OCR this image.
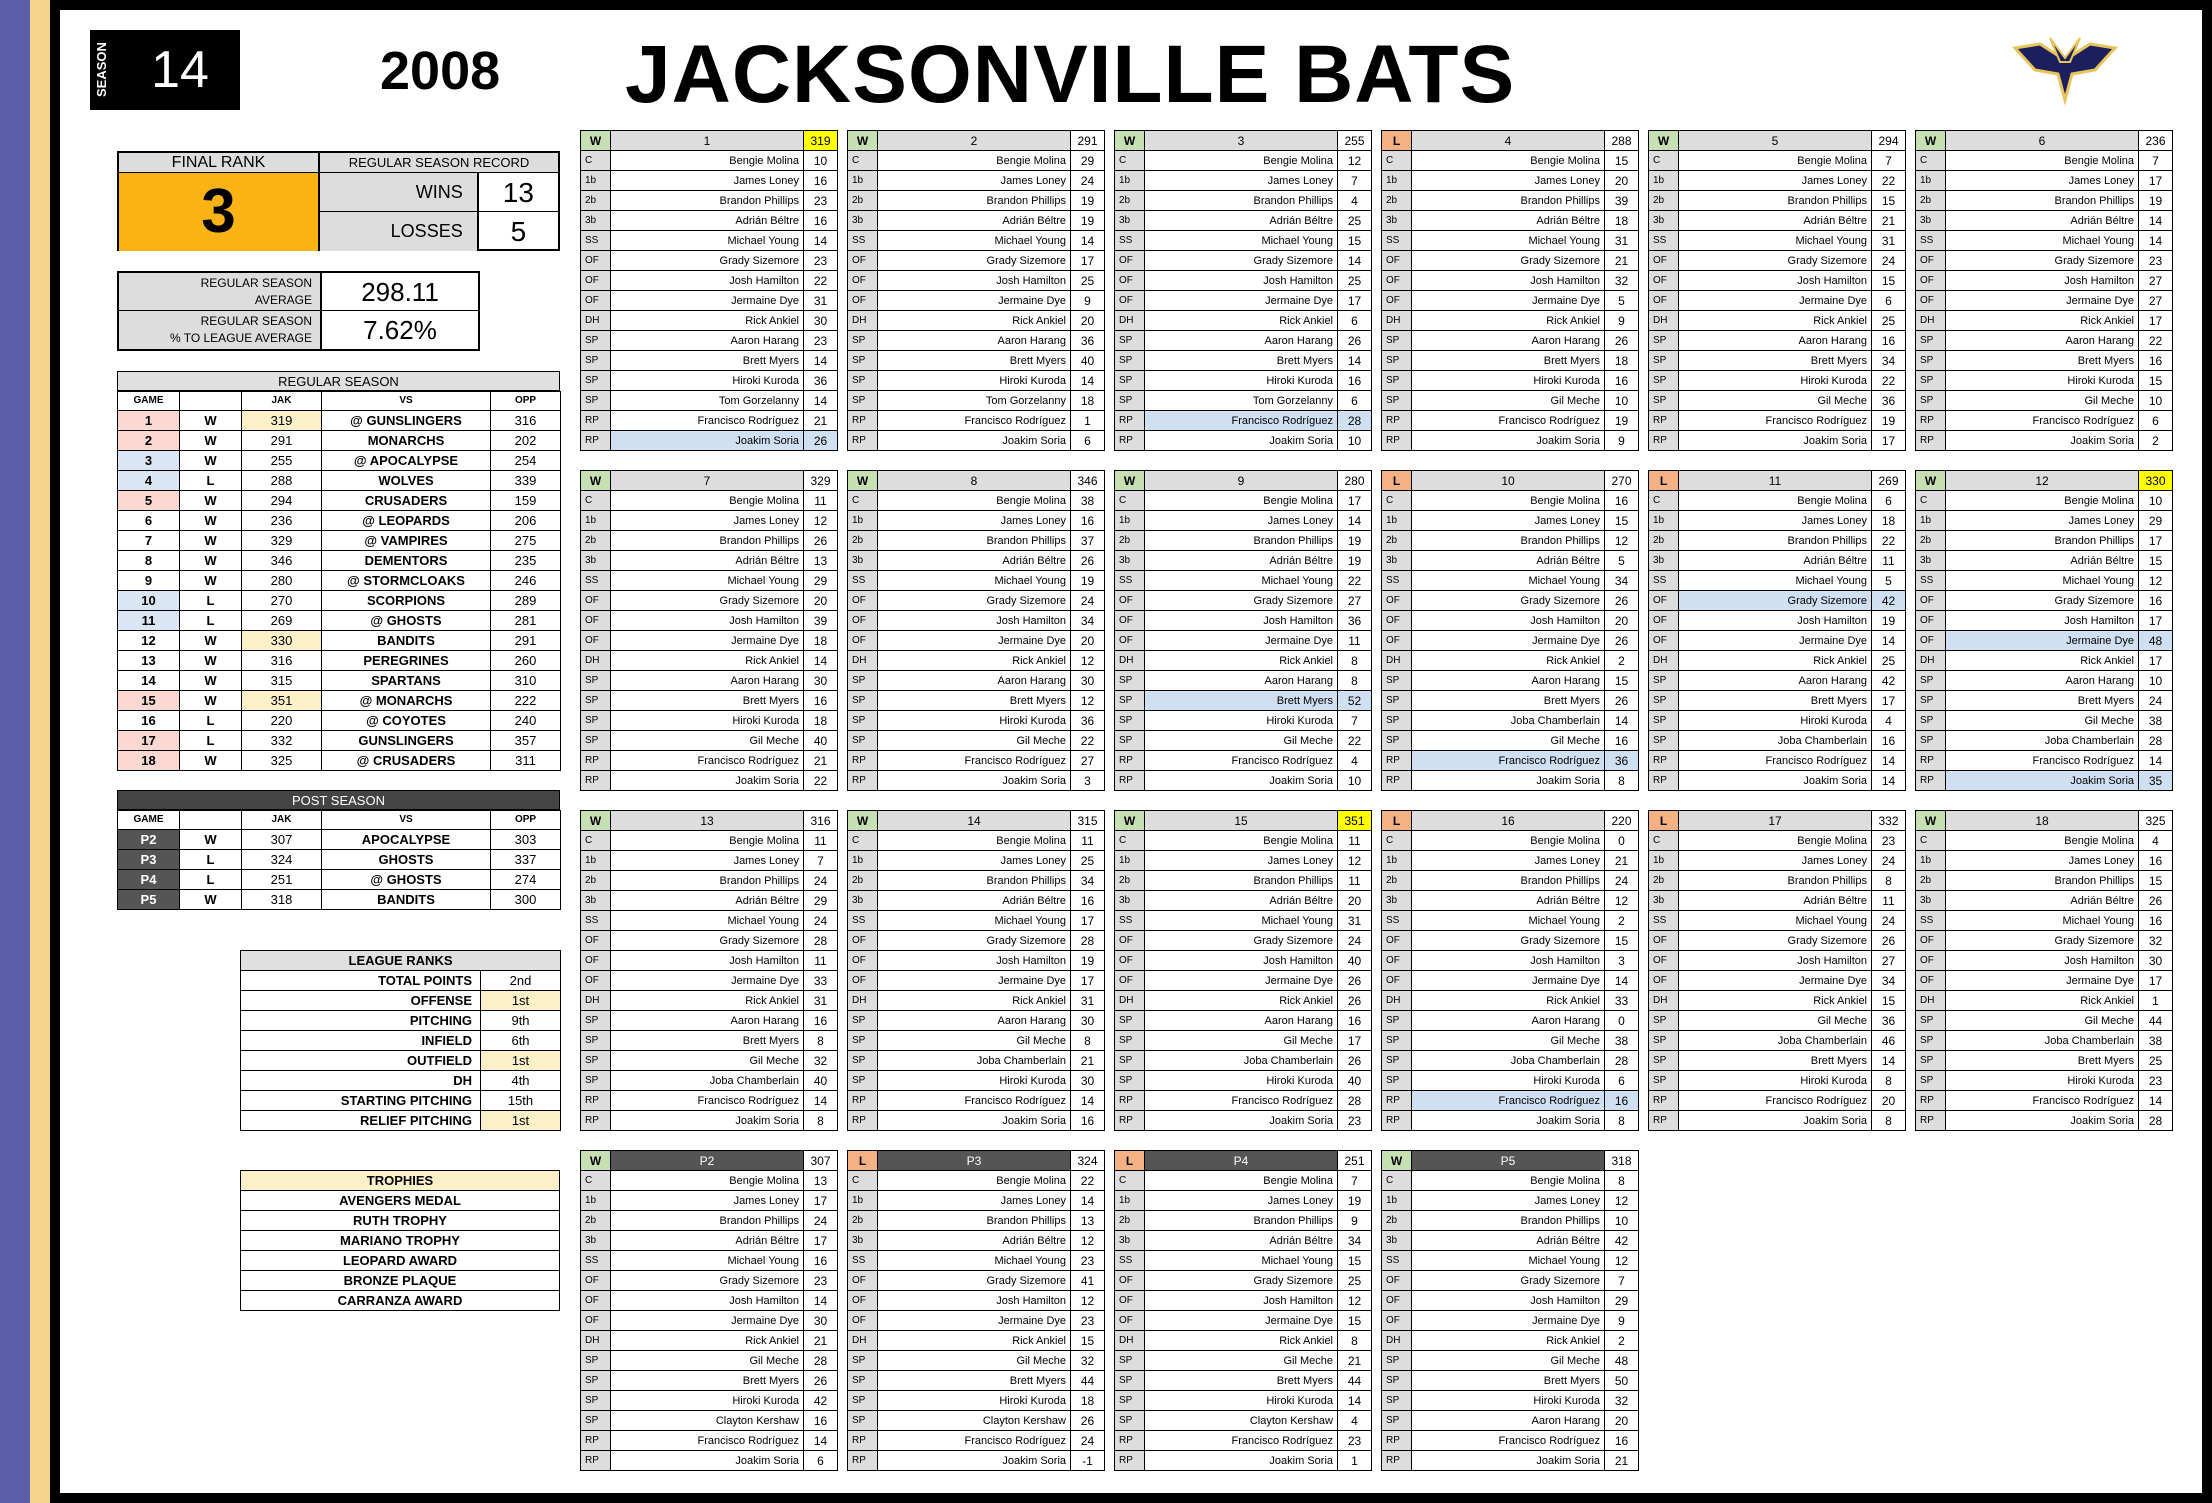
SEASON 14	2008 JACKSONVILLE BATS
FINAL RANK
3
REGULAR SEASON RECORD
WINS	13
LOSSES	5
REGULAR SEASON
AVERAGE	298.11
REGULAR SEASON
% TO LEAGUE AVERAGE	7.62%
REGULAR SEASON
GAME		JAK	VS	OPP
1	W	319	@ GUNSLINGERS	316
2	W	291	MONARCHS	202
3	W	255	@ APOCALYPSE	254
4	L	288	WOLVES	339
5	W	294	CRUSADERS	159
6	W	236	@ LEOPARDS	206
7	W	329	@ VAMPIRES	275
8	W	346	DEMENTORS	235
9	W	280	@ STORMCLOAKS	246
10	L	270	SCORPIONS	289
11	L	269	@ GHOSTS	281
12	W	330	BANDITS	291
13	W	316	PEREGRINES	260
14	W	315	SPARTANS	310
15	W	351	@ MONARCHS	222
16	L	220	@ COYOTES	240
17	L	332	GUNSLINGERS	357
18	W	325	@ CRUSADERS	311
POST SEASON
GAME		JAK	VS	OPP
P2	W	307	APOCALYPSE	303
P3	L	324	GHOSTS	337
P4	L	251	@ GHOSTS	274
P5	W	318	BANDITS	300
LEAGUE RANKS	
TOTAL POINTS	2nd
OFFENSE	1st
PITCHING	9th
INFIELD	6th
OUTFIELD	1st
DH	4th
STARTING PITCHING	15th
RELIEF PITCHING	1st
TROPHIES
AVENGERS MEDAL
RUTH TROPHY
MARIANO TROPHY
LEOPARD AWARD
BRONZE PLAQUE
CARRANZA AWARD
W	1	319
C	Bengie Molina	10
1b	James Loney	16
2b	Brandon Phillips	23
3b	Adrián Béltre	16
SS	Michael Young	14
OF	Grady Sizemore	23
OF	Josh Hamilton	22
OF	Jermaine Dye	31
DH	Rick Ankiel	30
SP	Aaron Harang	23
SP	Brett Myers	14
SP	Hiroki Kuroda	36
SP	Tom Gorzelanny	14
RP	Francisco Rodríguez	21
RP	Joakim Soria	26
W	2	291
C	Bengie Molina	29
1b	James Loney	24
2b	Brandon Phillips	19
3b	Adrián Béltre	19
SS	Michael Young	14
OF	Grady Sizemore	17
OF	Josh Hamilton	25
OF	Jermaine Dye	9
DH	Rick Ankiel	20
SP	Aaron Harang	36
SP	Brett Myers	40
SP	Hiroki Kuroda	14
SP	Tom Gorzelanny	18
RP	Francisco Rodríguez	1
RP	Joakim Soria	6
W	3	255
C	Bengie Molina	12
1b	James Loney	7
2b	Brandon Phillips	4
3b	Adrián Béltre	25
SS	Michael Young	15
OF	Grady Sizemore	14
OF	Josh Hamilton	25
OF	Jermaine Dye	17
DH	Rick Ankiel	6
SP	Aaron Harang	26
SP	Brett Myers	14
SP	Hiroki Kuroda	16
SP	Tom Gorzelanny	6
RP	Francisco Rodríguez	28
RP	Joakim Soria	10
L	4	288
C	Bengie Molina	15
1b	James Loney	20
2b	Brandon Phillips	39
3b	Adrián Béltre	18
SS	Michael Young	31
OF	Grady Sizemore	21
OF	Josh Hamilton	32
OF	Jermaine Dye	5
DH	Rick Ankiel	9
SP	Aaron Harang	26
SP	Brett Myers	18
SP	Hiroki Kuroda	16
SP	Gil Meche	10
RP	Francisco Rodríguez	19
RP	Joakim Soria	9
W	5	294
C	Bengie Molina	7
1b	James Loney	22
2b	Brandon Phillips	15
3b	Adrián Béltre	21
SS	Michael Young	31
OF	Grady Sizemore	24
OF	Josh Hamilton	15
OF	Jermaine Dye	6
DH	Rick Ankiel	25
SP	Aaron Harang	16
SP	Brett Myers	34
SP	Hiroki Kuroda	22
SP	Gil Meche	36
RP	Francisco Rodríguez	19
RP	Joakim Soria	17
W	6	236
C	Bengie Molina	7
1b	James Loney	17
2b	Brandon Phillips	19
3b	Adrián Béltre	14
SS	Michael Young	14
OF	Grady Sizemore	23
OF	Josh Hamilton	27
OF	Jermaine Dye	27
DH	Rick Ankiel	17
SP	Aaron Harang	22
SP	Brett Myers	16
SP	Hiroki Kuroda	15
SP	Gil Meche	10
RP	Francisco Rodríguez	6
RP	Joakim Soria	2
W	7	329
C	Bengie Molina	11
1b	James Loney	12
2b	Brandon Phillips	26
3b	Adrián Béltre	13
SS	Michael Young	29
OF	Grady Sizemore	20
OF	Josh Hamilton	39
OF	Jermaine Dye	18
DH	Rick Ankiel	14
SP	Aaron Harang	30
SP	Brett Myers	16
SP	Hiroki Kuroda	18
SP	Gil Meche	40
RP	Francisco Rodríguez	21
RP	Joakim Soria	22
W	8	346
C	Bengie Molina	38
1b	James Loney	16
2b	Brandon Phillips	37
3b	Adrián Béltre	26
SS	Michael Young	19
OF	Grady Sizemore	24
OF	Josh Hamilton	34
OF	Jermaine Dye	20
DH	Rick Ankiel	12
SP	Aaron Harang	30
SP	Brett Myers	12
SP	Hiroki Kuroda	36
SP	Gil Meche	22
RP	Francisco Rodríguez	27
RP	Joakim Soria	3
W	9	280
C	Bengie Molina	17
1b	James Loney	14
2b	Brandon Phillips	19
3b	Adrián Béltre	19
SS	Michael Young	22
OF	Grady Sizemore	27
OF	Josh Hamilton	36
OF	Jermaine Dye	11
DH	Rick Ankiel	8
SP	Aaron Harang	8
SP	Brett Myers	52
SP	Hiroki Kuroda	7
SP	Gil Meche	22
RP	Francisco Rodríguez	4
RP	Joakim Soria	10
L	10	270
C	Bengie Molina	16
1b	James Loney	15
2b	Brandon Phillips	12
3b	Adrián Béltre	5
SS	Michael Young	34
OF	Grady Sizemore	26
OF	Josh Hamilton	20
OF	Jermaine Dye	26
DH	Rick Ankiel	2
SP	Aaron Harang	15
SP	Brett Myers	26
SP	Joba Chamberlain	14
SP	Gil Meche	16
RP	Francisco Rodríguez	36
RP	Joakim Soria	8
L	11	269
C	Bengie Molina	6
1b	James Loney	18
2b	Brandon Phillips	22
3b	Adrián Béltre	11
SS	Michael Young	5
OF	Grady Sizemore	42
OF	Josh Hamilton	19
OF	Jermaine Dye	14
DH	Rick Ankiel	25
SP	Aaron Harang	42
SP	Brett Myers	17
SP	Hiroki Kuroda	4
SP	Joba Chamberlain	16
RP	Francisco Rodríguez	14
RP	Joakim Soria	14
W	12	330
C	Bengie Molina	10
1b	James Loney	29
2b	Brandon Phillips	17
3b	Adrián Béltre	15
SS	Michael Young	12
OF	Grady Sizemore	16
OF	Josh Hamilton	17
OF	Jermaine Dye	48
DH	Rick Ankiel	17
SP	Aaron Harang	10
SP	Brett Myers	24
SP	Gil Meche	38
SP	Joba Chamberlain	28
RP	Francisco Rodríguez	14
RP	Joakim Soria	35
W	13	316
C	Bengie Molina	11
1b	James Loney	7
2b	Brandon Phillips	24
3b	Adrián Béltre	29
SS	Michael Young	24
OF	Grady Sizemore	28
OF	Josh Hamilton	11
OF	Jermaine Dye	33
DH	Rick Ankiel	31
SP	Aaron Harang	16
SP	Brett Myers	8
SP	Gil Meche	32
SP	Joba Chamberlain	40
RP	Francisco Rodríguez	14
RP	Joakim Soria	8
W	14	315
C	Bengie Molina	11
1b	James Loney	25
2b	Brandon Phillips	34
3b	Adrián Béltre	16
SS	Michael Young	17
OF	Grady Sizemore	28
OF	Josh Hamilton	19
OF	Jermaine Dye	17
DH	Rick Ankiel	31
SP	Aaron Harang	30
SP	Gil Meche	8
SP	Joba Chamberlain	21
SP	Hiroki Kuroda	30
RP	Francisco Rodríguez	14
RP	Joakim Soria	16
W	15	351
C	Bengie Molina	11
1b	James Loney	12
2b	Brandon Phillips	11
3b	Adrián Béltre	20
SS	Michael Young	31
OF	Grady Sizemore	24
OF	Josh Hamilton	40
OF	Jermaine Dye	26
DH	Rick Ankiel	26
SP	Aaron Harang	16
SP	Gil Meche	17
SP	Joba Chamberlain	26
SP	Hiroki Kuroda	40
RP	Francisco Rodríguez	28
RP	Joakim Soria	23
L	16	220
C	Bengie Molina	0
1b	James Loney	21
2b	Brandon Phillips	24
3b	Adrián Béltre	12
SS	Michael Young	2
OF	Grady Sizemore	15
OF	Josh Hamilton	3
OF	Jermaine Dye	14
DH	Rick Ankiel	33
SP	Aaron Harang	0
SP	Gil Meche	38
SP	Joba Chamberlain	28
SP	Hiroki Kuroda	6
RP	Francisco Rodríguez	16
RP	Joakim Soria	8
L	17	332
C	Bengie Molina	23
1b	James Loney	24
2b	Brandon Phillips	8
3b	Adrián Béltre	11
SS	Michael Young	24
OF	Grady Sizemore	26
OF	Josh Hamilton	27
OF	Jermaine Dye	34
DH	Rick Ankiel	15
SP	Gil Meche	36
SP	Joba Chamberlain	46
SP	Brett Myers	14
SP	Hiroki Kuroda	8
RP	Francisco Rodríguez	20
RP	Joakim Soria	8
W	18	325
C	Bengie Molina	4
1b	James Loney	16
2b	Brandon Phillips	15
3b	Adrián Béltre	26
SS	Michael Young	16
OF	Grady Sizemore	32
OF	Josh Hamilton	30
OF	Jermaine Dye	17
DH	Rick Ankiel	1
SP	Gil Meche	44
SP	Joba Chamberlain	38
SP	Brett Myers	25
SP	Hiroki Kuroda	23
RP	Francisco Rodríguez	14
RP	Joakim Soria	28
W	P2	307
C	Bengie Molina	13
1b	James Loney	17
2b	Brandon Phillips	24
3b	Adrián Béltre	17
SS	Michael Young	16
OF	Grady Sizemore	23
OF	Josh Hamilton	14
OF	Jermaine Dye	30
DH	Rick Ankiel	21
SP	Gil Meche	28
SP	Brett Myers	26
SP	Hiroki Kuroda	42
SP	Clayton Kershaw	16
RP	Francisco Rodríguez	14
RP	Joakim Soria	6
L	P3	324
C	Bengie Molina	22
1b	James Loney	14
2b	Brandon Phillips	13
3b	Adrián Béltre	12
SS	Michael Young	23
OF	Grady Sizemore	41
OF	Josh Hamilton	12
OF	Jermaine Dye	23
DH	Rick Ankiel	15
SP	Gil Meche	32
SP	Brett Myers	44
SP	Hiroki Kuroda	18
SP	Clayton Kershaw	26
RP	Francisco Rodríguez	24
RP	Joakim Soria	-1
L	P4	251
C	Bengie Molina	7
1b	James Loney	19
2b	Brandon Phillips	9
3b	Adrián Béltre	34
SS	Michael Young	15
OF	Grady Sizemore	25
OF	Josh Hamilton	12
OF	Jermaine Dye	15
DH	Rick Ankiel	8
SP	Gil Meche	21
SP	Brett Myers	44
SP	Hiroki Kuroda	14
SP	Clayton Kershaw	4
RP	Francisco Rodríguez	23
RP	Joakim Soria	1
W	P5	318
C	Bengie Molina	8
1b	James Loney	12
2b	Brandon Phillips	10
3b	Adrián Béltre	42
SS	Michael Young	12
OF	Grady Sizemore	7
OF	Josh Hamilton	29
OF	Jermaine Dye	9
DH	Rick Ankiel	2
SP	Gil Meche	48
SP	Brett Myers	50
SP	Hiroki Kuroda	32
SP	Aaron Harang	20
RP	Francisco Rodríguez	16
RP	Joakim Soria	21
